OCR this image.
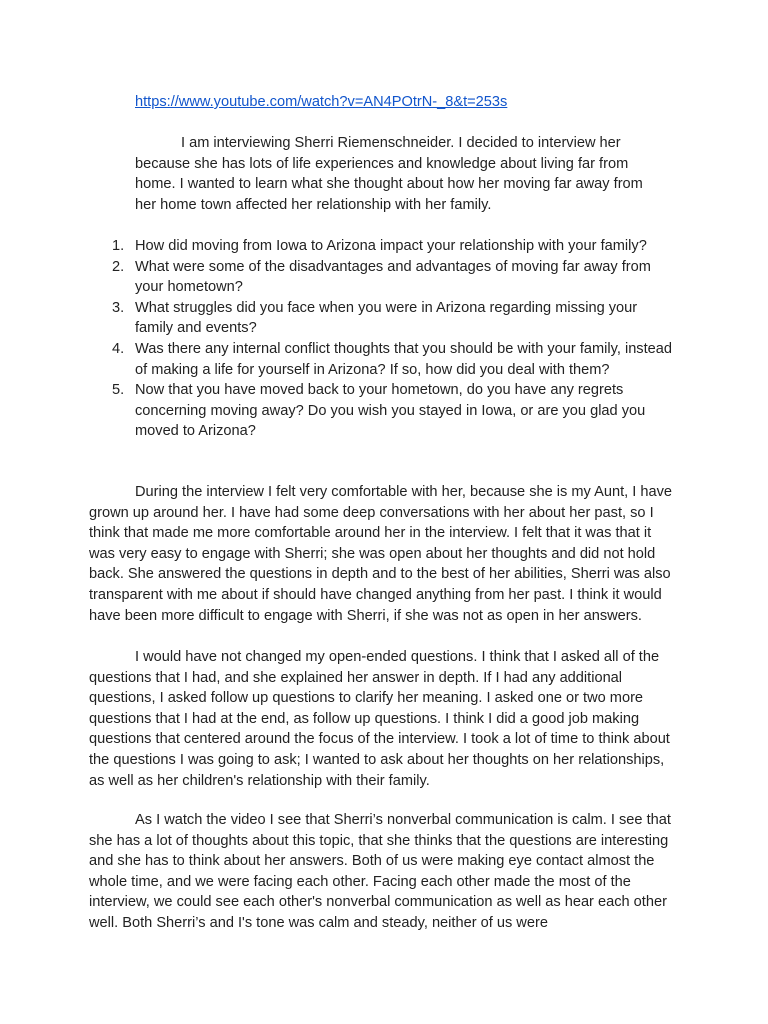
https://www.youtube.com/watch?v=AN4POtrN-_8&t=253s

I am interviewing Sherri Riemenschneider. I decided to interview her because she has lots of life experiences and knowledge about living far from home. I wanted to learn what she thought about how her moving far away from her home town affected her relationship with her family.

1. How did moving from Iowa to Arizona impact your relationship with your family?
2. What were some of the disadvantages and advantages of moving far away from your hometown?
3. What struggles did you face when you were in Arizona regarding missing your family and events?
4. Was there any internal conflict thoughts that you should be with your family, instead of making a life for yourself in Arizona? If so, how did you deal with them?
5. Now that you have moved back to your hometown, do you have any regrets concerning moving away? Do you wish you stayed in Iowa, or are you glad you moved to Arizona?

During the interview I felt very comfortable with her, because she is my Aunt, I have grown up around her. I have had some deep conversations with her about her past, so I think that made me more comfortable around her in the interview. I felt that it was that it was very easy to engage with Sherri; she was open about her thoughts and did not hold back. She answered the questions in depth and to the best of her abilities, Sherri was also transparent with me about if should have changed anything from her past. I think it would have been more difficult to engage with Sherri, if she was not as open in her answers.

I would have not changed my open-ended questions. I think that I asked all of the questions that I had, and she explained her answer in depth. If I had any additional questions, I asked follow up questions to clarify her meaning. I asked one or two more questions that I had at the end, as follow up questions. I think I did a good job making questions that centered around the focus of the interview. I took a lot of time to think about the questions I was going to ask; I wanted to ask about her thoughts on her relationships, as well as her children's relationship with their family.

As I watch the video I see that Sherri’s nonverbal communication is calm. I see that she has a lot of thoughts about this topic, that she thinks that the questions are interesting and she has to think about her answers. Both of us were making eye contact almost the whole time, and we were facing each other. Facing each other made the most of the interview, we could see each other's nonverbal communication as well as hear each other well. Both Sherri’s and I's tone was calm and steady, neither of us were
